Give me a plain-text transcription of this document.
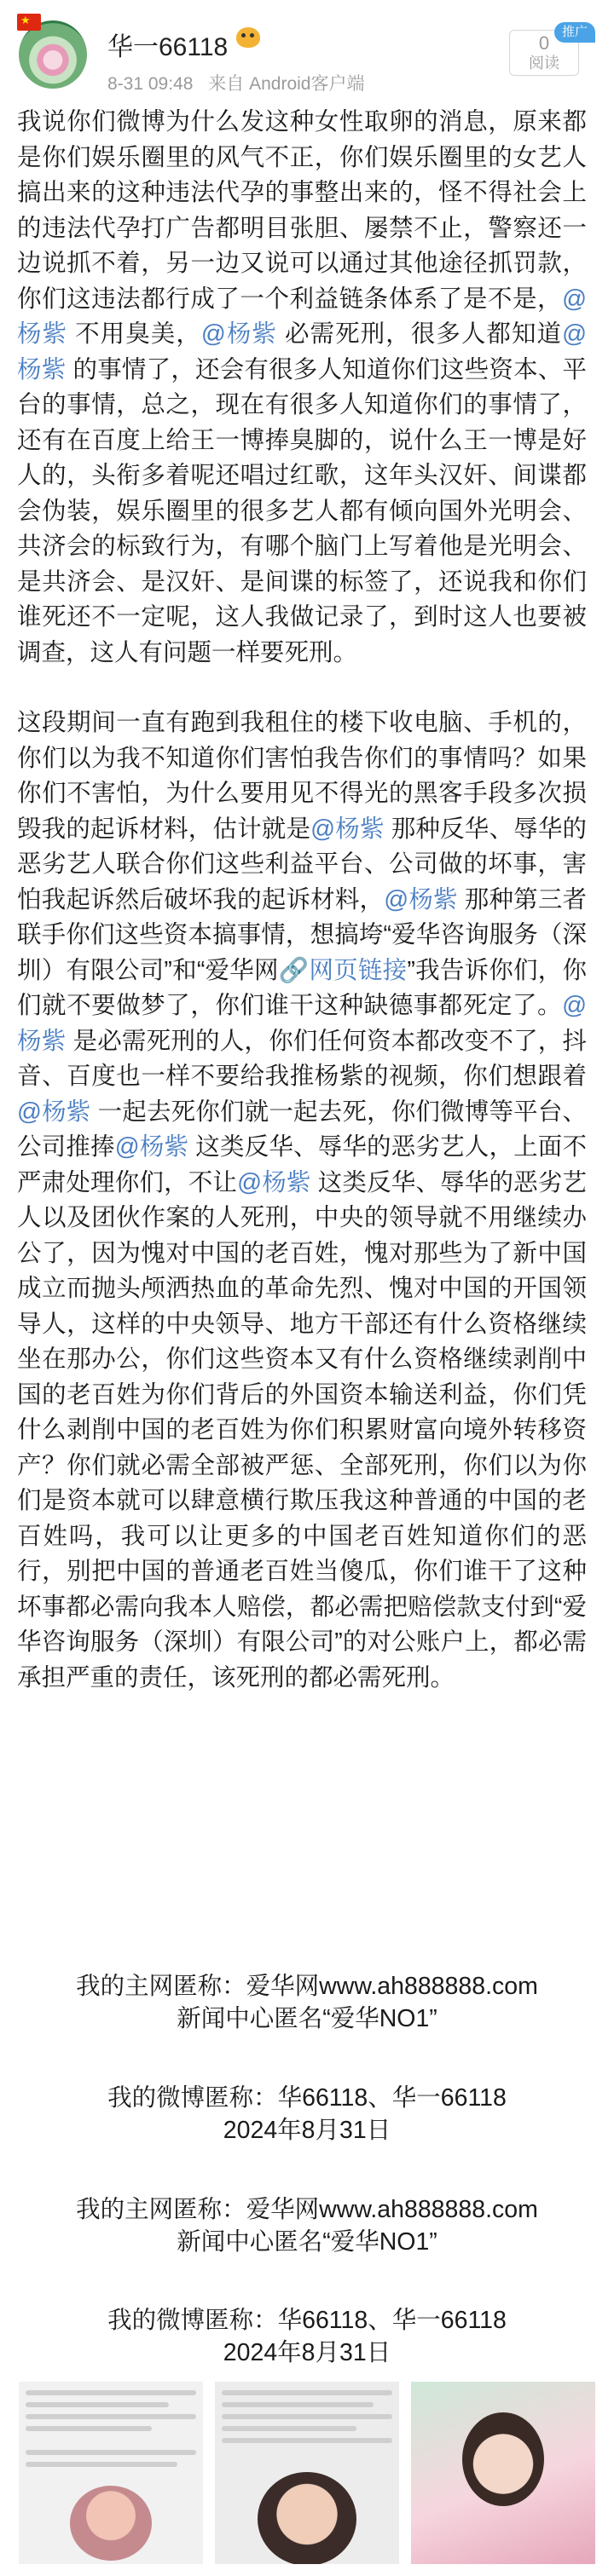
★
华一66118
8-31 09:48 来自 Android客户端
0
阅读
推广

我说你们微博为什么发这种女性取卵的消息，原来都是你们娱乐圈里的风气不正，你们娱乐圈里的女艺人搞出来的这种违法代孕的事整出来的，怪不得社会上的违法代孕打广告都明目张胆、屡禁不止，警察还一边说抓不着，另一边又说可以通过其他途径抓罚款，你们这违法都行成了一个利益链条体系了是不是，@杨紫 不用臭美，@杨紫 必需死刑，很多人都知道@杨紫 的事情了，还会有很多人知道你们这些资本、平台的事情，总之，现在有很多人知道你们的事情了，还有在百度上给王一博捧臭脚的，说什么王一博是好人的，头衔多着呢还唱过红歌，这年头汉奸、间谍都会伪装，娱乐圈里的很多艺人都有倾向国外光明会、共济会的标致行为，有哪个脑门上写着他是光明会、是共济会、是汉奸、是间谍的标签了，还说我和你们谁死还不一定呢，这人我做记录了，到时这人也要被调查，这人有问题一样要死刑。

这段期间一直有跑到我租住的楼下收电脑、手机的，你们以为我不知道你们害怕我告你们的事情吗？如果你们不害怕，为什么要用见不得光的黑客手段多次损毁我的起诉材料，估计就是@杨紫 那种反华、辱华的恶劣艺人联合你们这些利益平台、公司做的坏事，害怕我起诉然后破坏我的起诉材料，@杨紫 那种第三者联手你们这些资本搞事情，想搞垮“爱华咨询服务（深圳）有限公司”和“爱华网🔗网页链接”我告诉你们，你们就不要做梦了，你们谁干这种缺德事都死定了。@杨紫 是必需死刑的人，你们任何资本都改变不了，抖音、百度也一样不要给我推杨紫的视频，你们想跟着@杨紫 一起去死你们就一起去死，你们微博等平台、公司推捧@杨紫 这类反华、辱华的恶劣艺人，上面不严肃处理你们，不让@杨紫 这类反华、辱华的恶劣艺人以及团伙作案的人死刑，中央的领导就不用继续办公了，因为愧对中国的老百姓，愧对那些为了新中国成立而抛头颅洒热血的革命先烈、愧对中国的开国领导人，这样的中央领导、地方干部还有什么资格继续坐在那办公，你们这些资本又有什么资格继续剥削中国的老百姓为你们背后的外国资本输送利益，你们凭什么剥削中国的老百姓为你们积累财富向境外转移资产？你们就必需全部被严惩、全部死刑，你们以为你们是资本就可以肆意横行欺压我这种普通的中国的老百姓吗，我可以让更多的中国老百姓知道你们的恶行，别把中国的普通老百姓当傻瓜，你们谁干了这种坏事都必需向我本人赔偿，都必需把赔偿款支付到“爱华咨询服务（深圳）有限公司”的对公账户上，都必需承担严重的责任，该死刑的都必需死刑。

我的主网匿称：爱华网www.ah888888.com
新闻中心匿名“爱华NO1”
我的微博匿称：华66118、华一66118
2024年8月31日
我的主网匿称：爱华网www.ah888888.com
新闻中心匿名“爱华NO1”
我的微博匿称：华66118、华一66118
2024年8月31日
